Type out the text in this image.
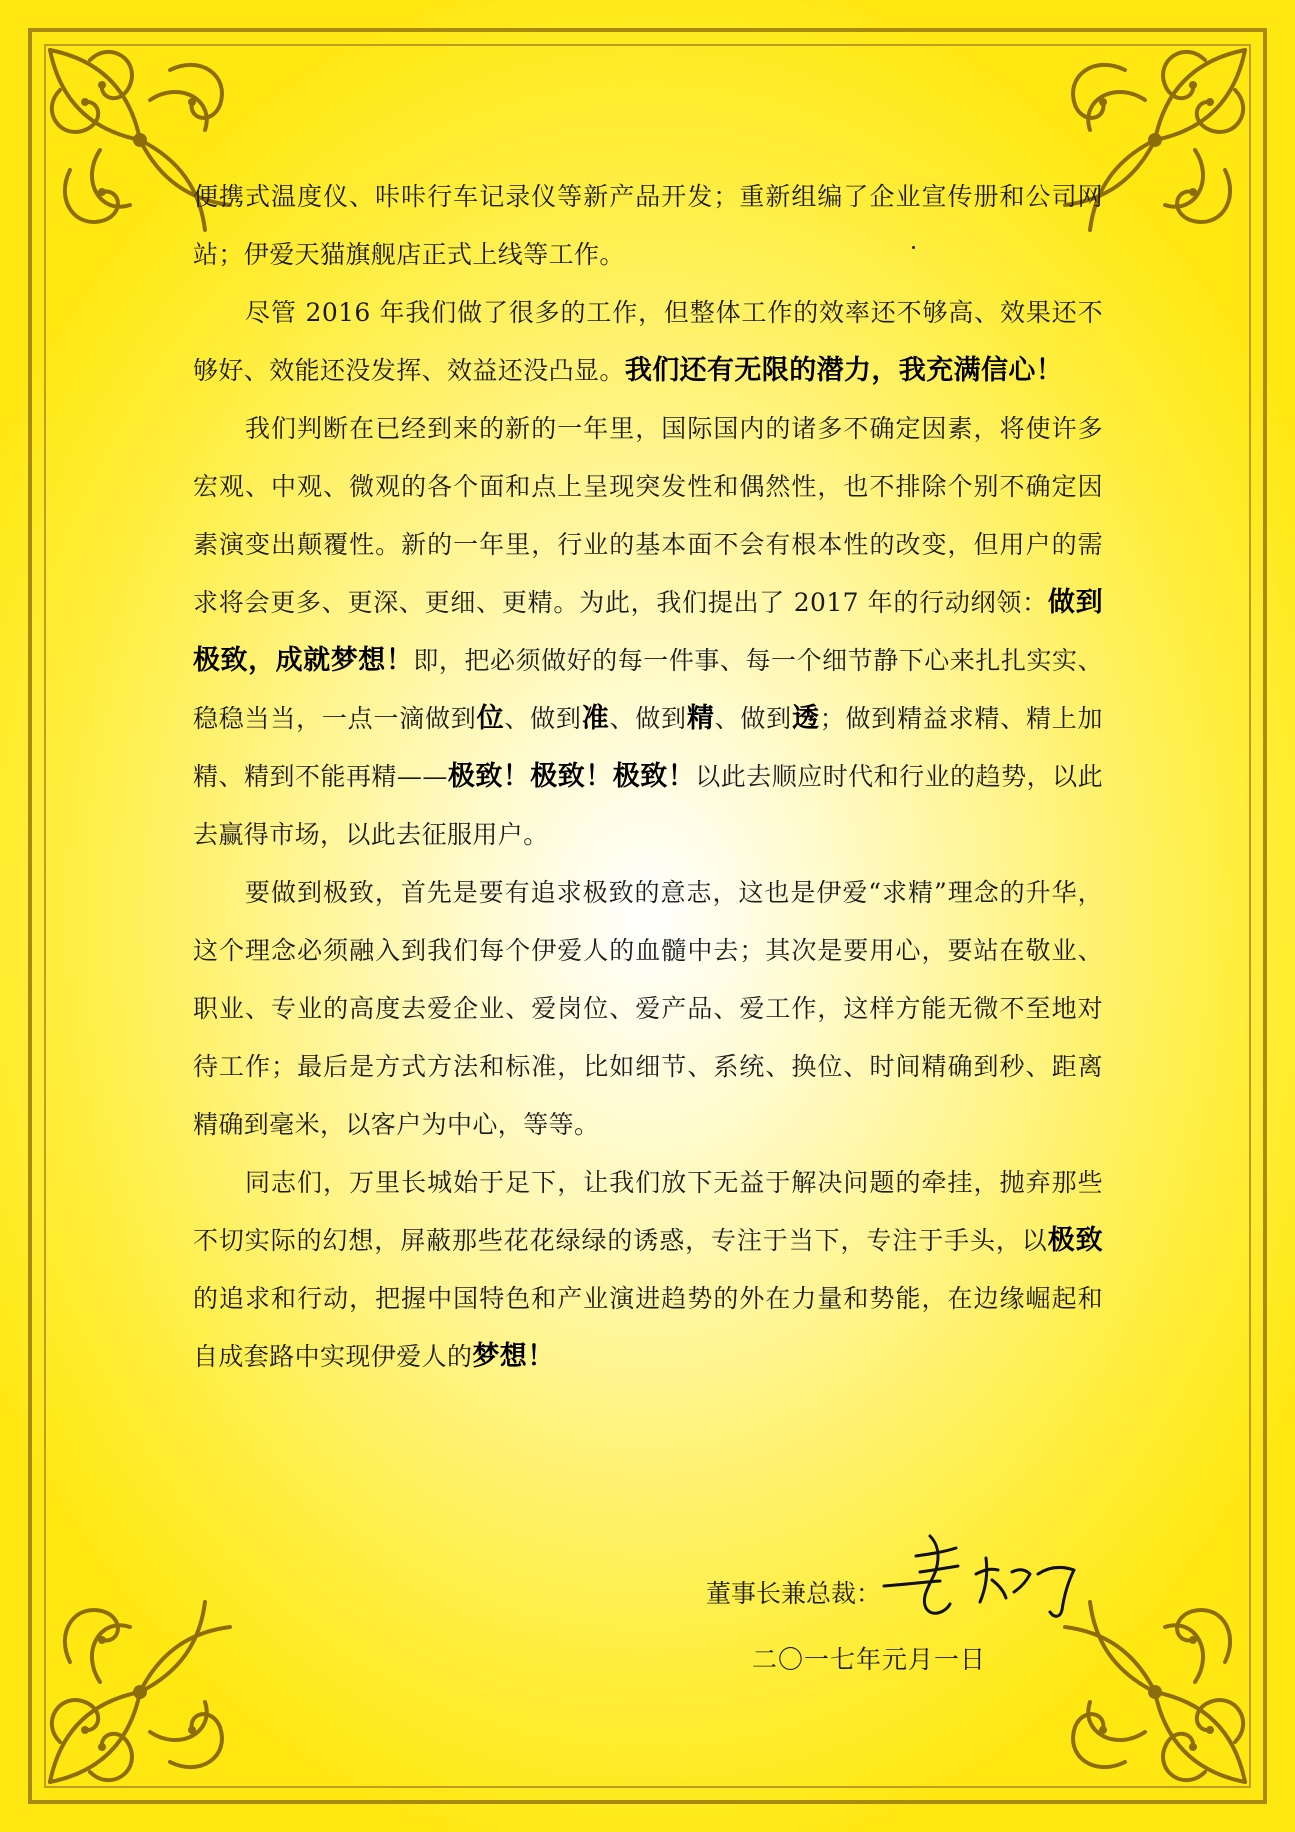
便携式温度仪、咔咔行车记录仪等新产品开发；重新组编了企业宣传册和公司网站；伊爱天猫旗舰店正式上线等工作。

尽管 2016 年我们做了很多的工作，但整体工作的效率还不够高、效果还不够好、效能还没发挥、效益还没凸显。我们还有无限的潜力，我充满信心！

我们判断在已经到来的新的一年里，国际国内的诸多不确定因素，将使许多宏观、中观、微观的各个面和点上呈现突发性和偶然性，也不排除个别不确定因素演变出颠覆性。新的一年里，行业的基本面不会有根本性的改变，但用户的需求将会更多、更深、更细、更精。为此，我们提出了 2017 年的行动纲领：做到极致，成就梦想！即，把必须做好的每一件事、每一个细节静下心来扎扎实实、稳稳当当，一点一滴做到位、做到准、做到精、做到透；做到精益求精、精上加精、精到不能再精——极致！极致！极致！以此去顺应时代和行业的趋势，以此去赢得市场，以此去征服用户。

要做到极致，首先是要有追求极致的意志，这也是伊爱“求精”理念的升华，这个理念必须融入到我们每个伊爱人的血髓中去；其次是要用心，要站在敬业、职业、专业的高度去爱企业、爱岗位、爱产品、爱工作，这样方能无微不至地对待工作；最后是方式方法和标准，比如细节、系统、换位、时间精确到秒、距离精确到毫米，以客户为中心，等等。

同志们，万里长城始于足下，让我们放下无益于解决问题的牵挂，抛弃那些不切实际的幻想，屏蔽那些花花绿绿的诱惑，专注于当下，专注于手头，以极致的追求和行动，把握中国特色和产业演进趋势的外在力量和势能，在边缘崛起和自成套路中实现伊爱人的梦想！

董事长兼总裁：
二〇一七年元月一日
